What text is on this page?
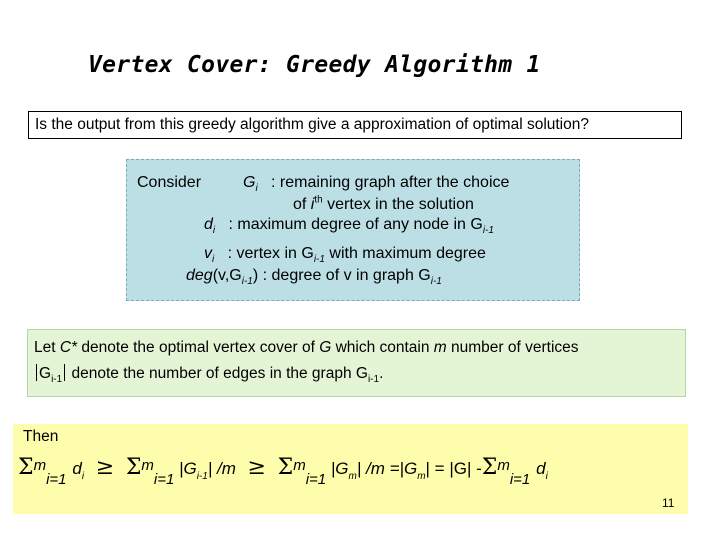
Vertex Cover: Greedy Algorithm 1
Is the output from this greedy algorithm give a approximation of optimal solution?
Consider	$G_i$ : remaining graph after the choice
of $i^{th}$ vertex in the solution
$d_i$ : maximum degree of any node in $G_{i-1}$
$v_i$ : vertex in $G_{i-1}$ with maximum degree
$deg(v,G_{i-1})$ : degree of v in graph $G_{i-1}$
Let C* denote the optimal vertex cover of G which contain m number of vertices
$G_{i-1}$ denote the number of edges in the graph $G_{i-1}$.
Then
$\Sigma m_{i=1}$ $d_i \ge \Sigma m_{i=1}$ $|G_{i-1}|$ $/m \ge \Sigma m_{i=1}$ $|G_m|$ $/m =|G_m| = |G|$ $-\Sigma m_{i=1}$ $d_i$
11
